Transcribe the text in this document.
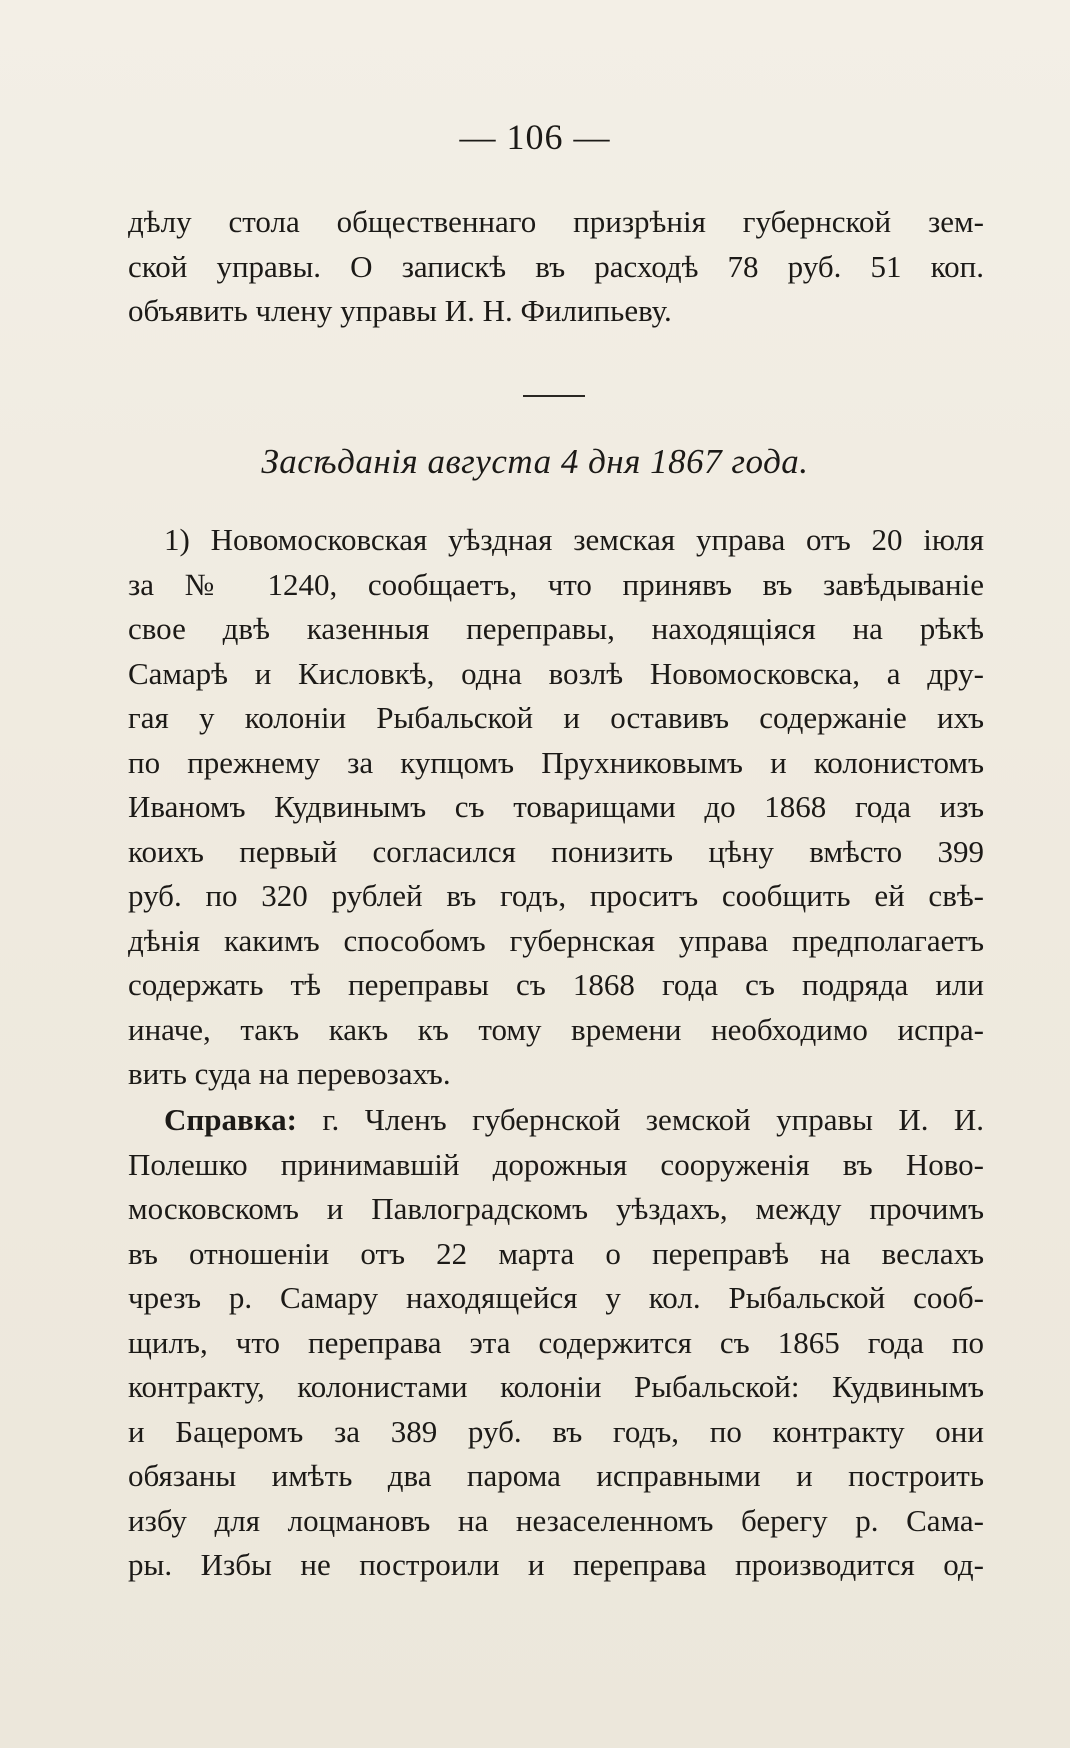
— 106 —
дѣлу стола общественнаго призрѣнія губернской зем-
ской управы. О запискѣ въ расходѣ 78 руб. 51 коп.
объявить члену управы И. Н. Филипьеву.
Засѣданія августа 4 дня 1867 года.
1) Новомосковская уѣздная земская управа отъ 20 іюля
за № 1240, сообщаетъ, что принявъ въ завѣдываніе
свое двѣ казенныя переправы, находящіяся на рѣкѣ
Самарѣ и Кисловкѣ, одна возлѣ Новомосковска, а дру-
гая у колоніи Рыбальской и оставивъ содержаніе ихъ
по прежнему за купцомъ Прухниковымъ и колонистомъ
Иваномъ Кудвинымъ съ товарищами до 1868 года изъ
коихъ первый согласился понизить цѣну вмѣсто 399
руб. по 320 рублей въ годъ, проситъ сообщить ей свѣ-
дѣнія какимъ способомъ губернская управа предполагаетъ
содержать тѣ переправы съ 1868 года съ подряда или
иначе, такъ какъ къ тому времени необходимо испра-
вить суда на перевозахъ.
Справка: г. Членъ губернской земской управы И. И.
Полешко принимавшій дорожныя сооруженія въ Ново-
московскомъ и Павлоградскомъ уѣздахъ, между прочимъ
въ отношеніи отъ 22 марта о переправѣ на веслахъ
чрезъ р. Самару находящейся у кол. Рыбальской сооб-
щилъ, что переправа эта содержится съ 1865 года по
контракту, колонистами колоніи Рыбальской: Кудвинымъ
и Бацеромъ за 389 руб. въ годъ, по контракту они
обязаны имѣть два парома исправными и построить
избу для лоцмановъ на незаселенномъ берегу р. Сама-
ры. Избы не построили и переправа производится од-
